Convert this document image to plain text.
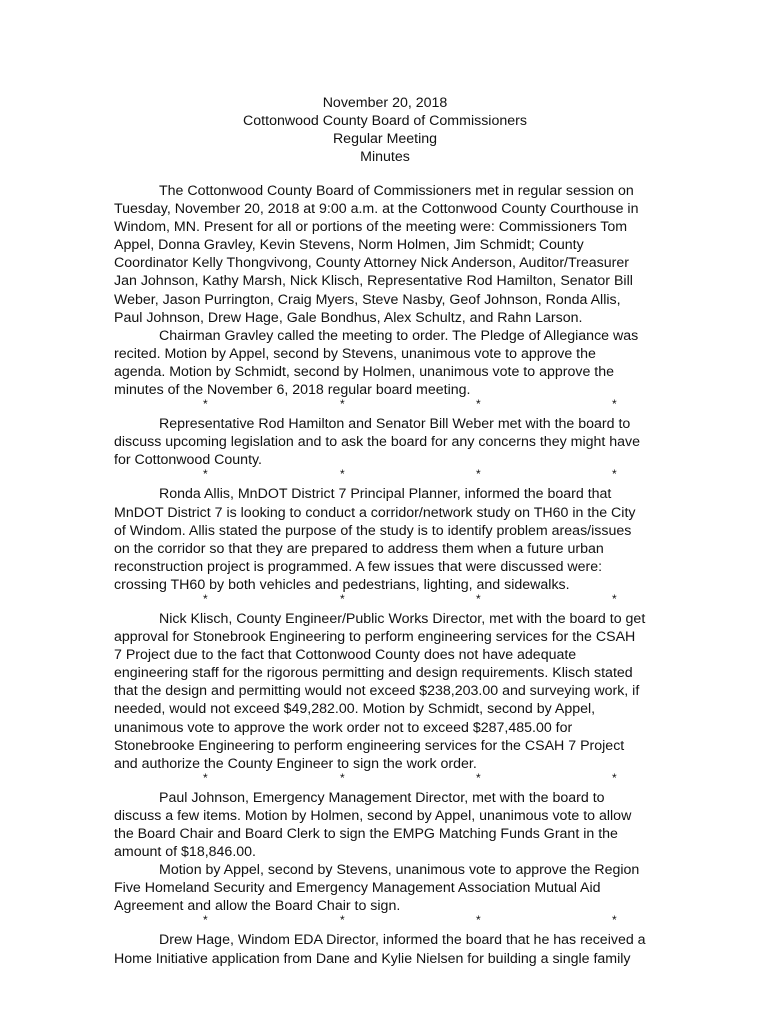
November 20, 2018
Cottonwood County Board of Commissioners
Regular Meeting
Minutes
The Cottonwood County Board of Commissioners met in regular session on
Tuesday, November 20, 2018 at 9:00 a.m. at the Cottonwood County Courthouse in
Windom, MN. Present for all or portions of the meeting were: Commissioners Tom
Appel, Donna Gravley, Kevin Stevens, Norm Holmen, Jim Schmidt; County
Coordinator Kelly Thongvivong, County Attorney Nick Anderson, Auditor/Treasurer
Jan Johnson, Kathy Marsh, Nick Klisch, Representative Rod Hamilton, Senator Bill
Weber, Jason Purrington, Craig Myers, Steve Nasby, Geof Johnson, Ronda Allis,
Paul Johnson, Drew Hage, Gale Bondhus, Alex Schultz, and Rahn Larson.
Chairman Gravley called the meeting to order. The Pledge of Allegiance was
recited. Motion by Appel, second by Stevens, unanimous vote to approve the
agenda. Motion by Schmidt, second by Holmen, unanimous vote to approve the
minutes of the November 6, 2018 regular board meeting.
*	*	*	*
Representative Rod Hamilton and Senator Bill Weber met with the board to
discuss upcoming legislation and to ask the board for any concerns they might have
for Cottonwood County.
*	*	*	*
Ronda Allis, MnDOT District 7 Principal Planner, informed the board that
MnDOT District 7 is looking to conduct a corridor/network study on TH60 in the City
of Windom. Allis stated the purpose of the study is to identify problem areas/issues
on the corridor so that they are prepared to address them when a future urban
reconstruction project is programmed. A few issues that were discussed were:
crossing TH60 by both vehicles and pedestrians, lighting, and sidewalks.
*	*	*	*
Nick Klisch, County Engineer/Public Works Director, met with the board to get
approval for Stonebrook Engineering to perform engineering services for the CSAH
7 Project due to the fact that Cottonwood County does not have adequate
engineering staff for the rigorous permitting and design requirements. Klisch stated
that the design and permitting would not exceed $238,203.00 and surveying work, if
needed, would not exceed $49,282.00. Motion by Schmidt, second by Appel,
unanimous vote to approve the work order not to exceed $287,485.00 for
Stonebrooke Engineering to perform engineering services for the CSAH 7 Project
and authorize the County Engineer to sign the work order.
*	*	*	*
Paul Johnson, Emergency Management Director, met with the board to
discuss a few items. Motion by Holmen, second by Appel, unanimous vote to allow
the Board Chair and Board Clerk to sign the EMPG Matching Funds Grant in the
amount of $18,846.00.
Motion by Appel, second by Stevens, unanimous vote to approve the Region
Five Homeland Security and Emergency Management Association Mutual Aid
Agreement and allow the Board Chair to sign.
*	*	*	*
Drew Hage, Windom EDA Director, informed the board that he has received a
Home Initiative application from Dane and Kylie Nielsen for building a single family
